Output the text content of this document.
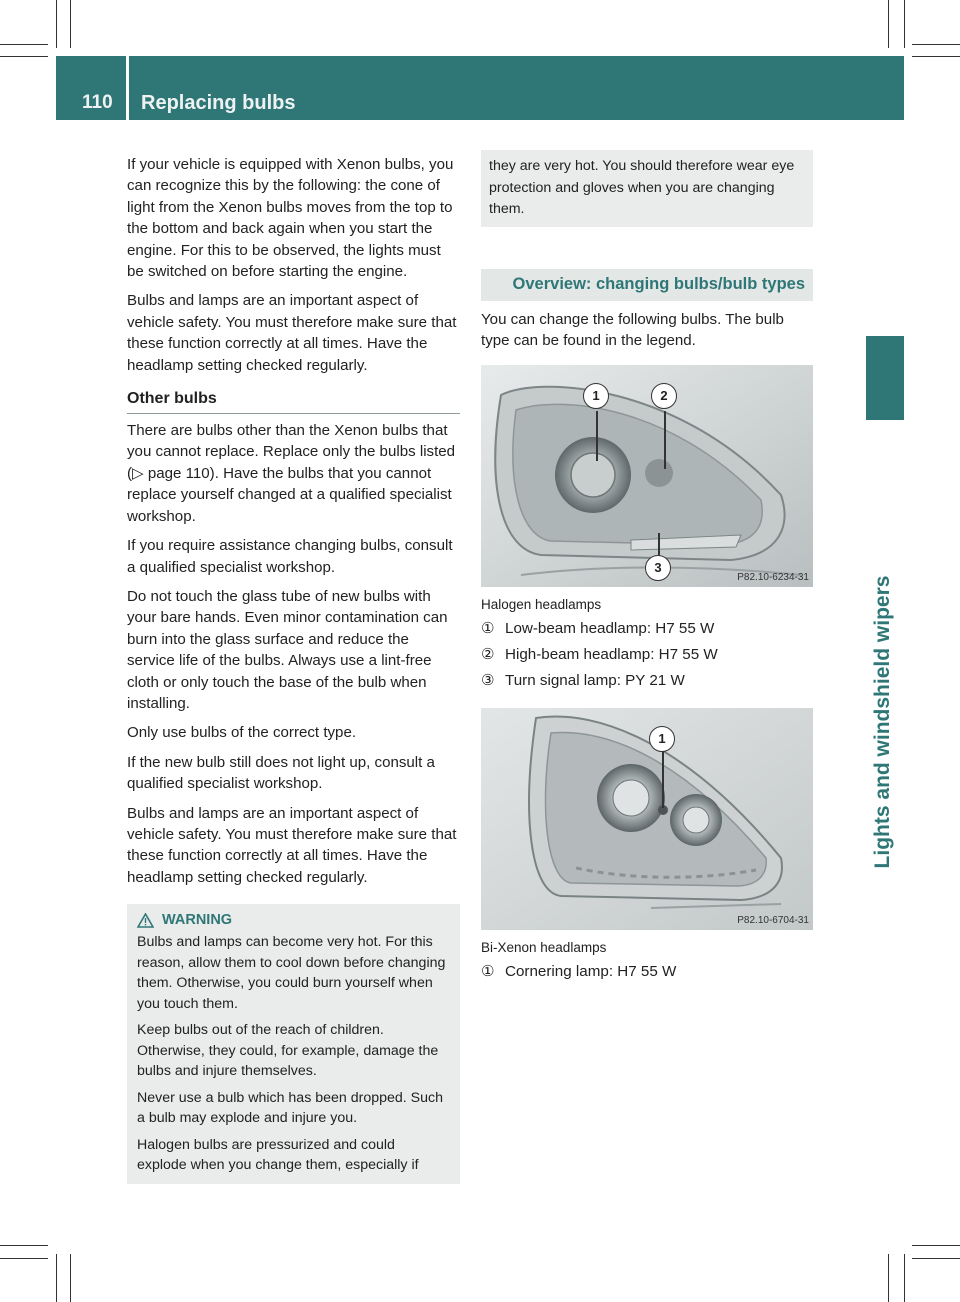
110 Replacing bulbs
Lights and windshield wipers

If your vehicle is equipped with Xenon bulbs, you can recognize this by the following: the cone of light from the Xenon bulbs moves from the top to the bottom and back again when you start the engine. For this to be observed, the lights must be switched on before starting the engine.

Bulbs and lamps are an important aspect of vehicle safety. You must therefore make sure that these function correctly at all times. Have the headlamp setting checked regularly.

Other bulbs

There are bulbs other than the Xenon bulbs that you cannot replace. Replace only the bulbs listed (▷ page 110). Have the bulbs that you cannot replace yourself changed at a qualified specialist workshop.

If you require assistance changing bulbs, consult a qualified specialist workshop.

Do not touch the glass tube of new bulbs with your bare hands. Even minor contamination can burn into the glass surface and reduce the service life of the bulbs. Always use a lint-free cloth or only touch the base of the bulb when installing.

Only use bulbs of the correct type.

If the new bulb still does not light up, consult a qualified specialist workshop.

Bulbs and lamps are an important aspect of vehicle safety. You must therefore make sure that these function correctly at all times. Have the headlamp setting checked regularly.

WARNING

Bulbs and lamps can become very hot. For this reason, allow them to cool down before changing them. Otherwise, you could burn yourself when you touch them.

Keep bulbs out of the reach of children. Otherwise, they could, for example, damage the bulbs and injure themselves.

Never use a bulb which has been dropped. Such a bulb may explode and injure you.

Halogen bulbs are pressurized and could explode when you change them, especially if

they are very hot. You should therefore wear eye protection and gloves when you are changing them.

Overview: changing bulbs/bulb types

You can change the following bulbs. The bulb type can be found in the legend.

1	2
3
P82.10-6234-31
Halogen headlamps
① Low-beam headlamp: H7 55 W
② High-beam headlamp: H7 55 W
③ Turn signal lamp: PY 21 W
1
P82.10-6704-31
Bi-Xenon headlamps
① Cornering lamp: H7 55 W
